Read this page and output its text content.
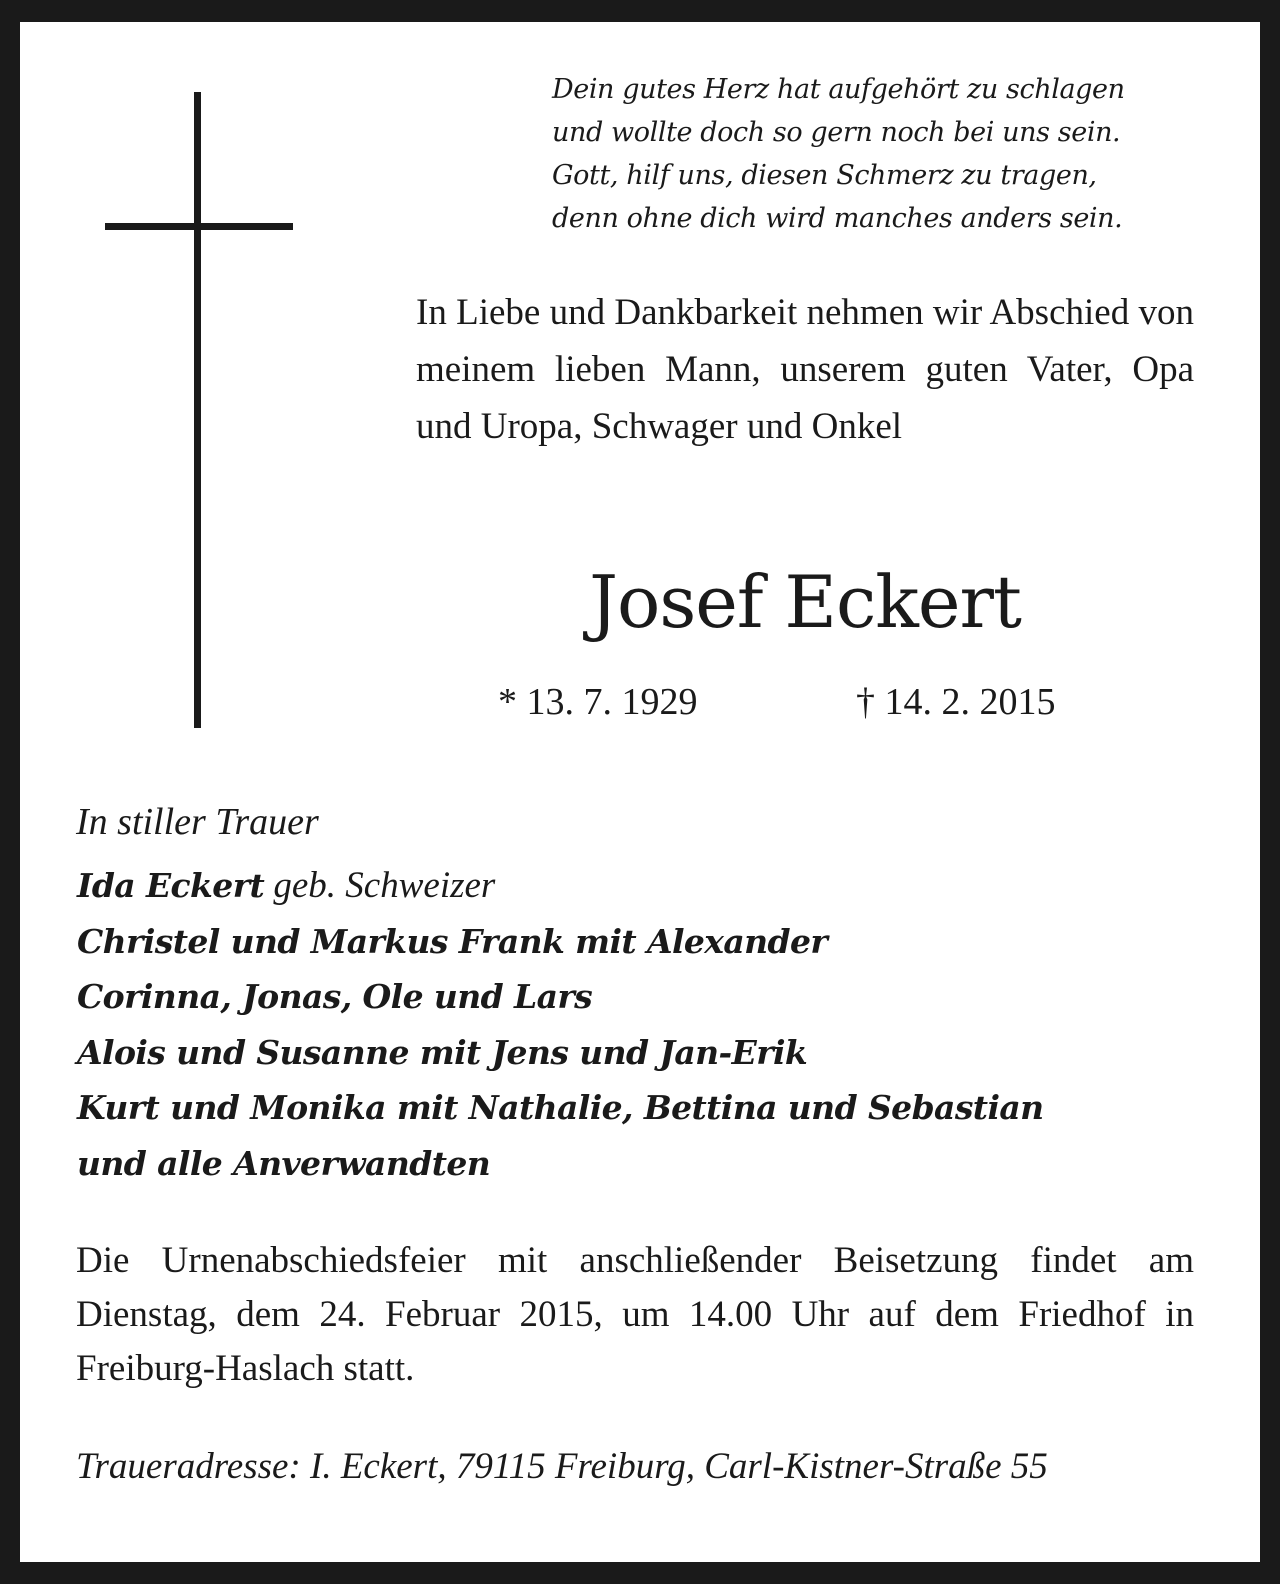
Dein gutes Herz hat aufgehört zu schlagen
und wollte doch so gern noch bei uns sein.
Gott, hilf uns, diesen Schmerz zu tragen,
denn ohne dich wird manches anders sein.
In Liebe und Dankbarkeit nehmen wir Abschied von meinem lieben Mann, unserem guten Vater, Opa und Uropa, Schwager und Onkel
Josef Eckert
* 13. 7. 1929	† 14. 2. 2015
In stiller Trauer
Ida Eckert geb. Schweizer
Christel und Markus Frank mit Alexander
Corinna, Jonas, Ole und Lars
Alois und Susanne mit Jens und Jan-Erik
Kurt und Monika mit Nathalie, Bettina und Sebastian
und alle Anverwandten
Die Urnenabschiedsfeier mit anschließender Beisetzung findet am Dienstag, dem 24. Februar 2015, um 14.00 Uhr auf dem Friedhof in Freiburg-Haslach statt.
Traueradresse: I. Eckert, 79115 Freiburg, Carl-Kistner-Straße 55
